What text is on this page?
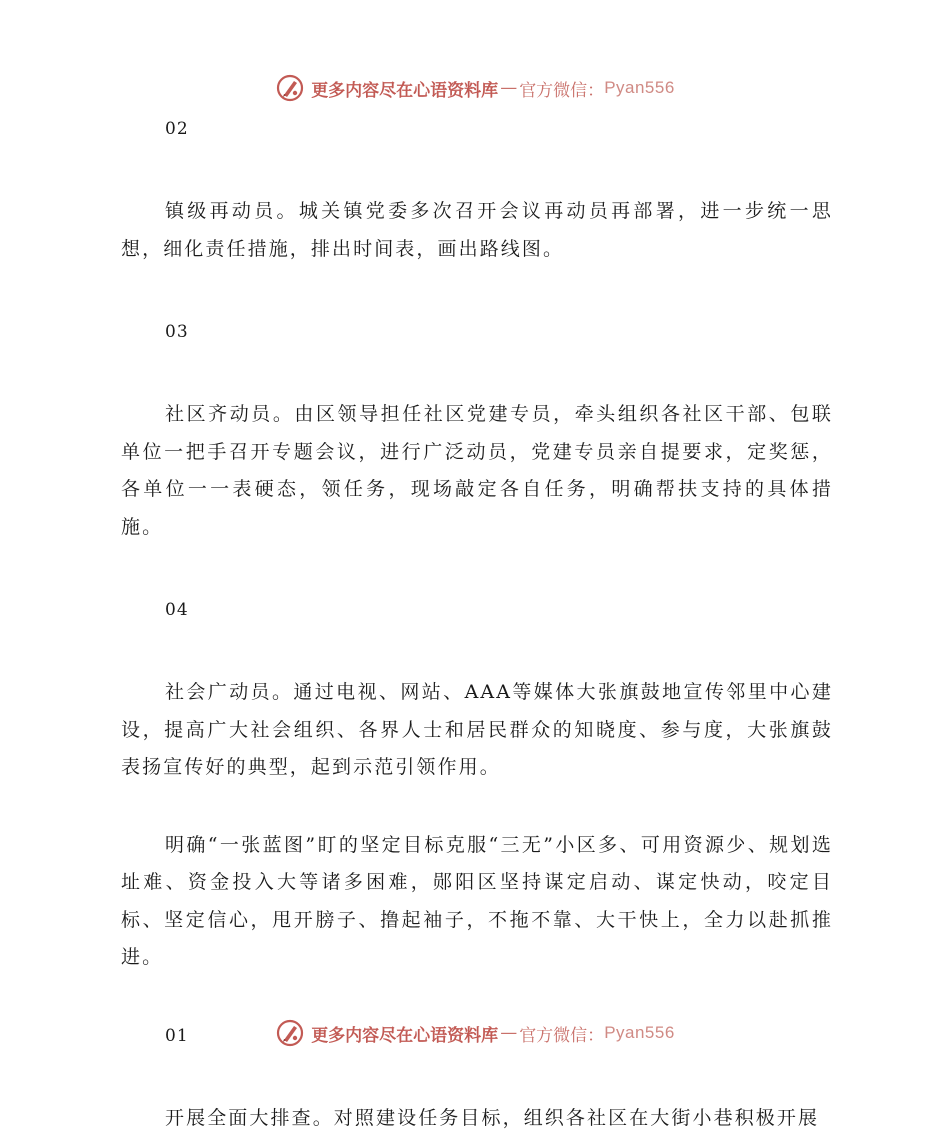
更多内容尽在心语资料库 — 官方微信： Pyan556

02

镇级再动员。城关镇党委多次召开会议再动员再部署，进一步统一思想，细化责任措施，排出时间表，画出路线图。

03

社区齐动员。由区领导担任社区党建专员，牵头组织各社区干部、包联单位一把手召开专题会议，进行广泛动员，党建专员亲自提要求，定奖惩，各单位一一表硬态，领任务，现场敲定各自任务，明确帮扶支持的具体措施。

04

社会广动员。通过电视、网站、AAA等媒体大张旗鼓地宣传邻里中心建设，提高广大社会组织、各界人士和居民群众的知晓度、参与度，大张旗鼓表扬宣传好的典型，起到示范引领作用。

明确“一张蓝图”盯的坚定目标克服“三无”小区多、可用资源少、规划选址难、资金投入大等诸多困难，郧阳区坚持谋定启动、谋定快动，咬定目标、坚定信心，甩开膀子、撸起袖子，不拖不靠、大干快上，全力以赴抓推进。

01

开展全面大排查。对照建设任务目标，组织各社区在大街小巷积极开展

更多内容尽在心语资料库 — 官方微信： Pyan556
